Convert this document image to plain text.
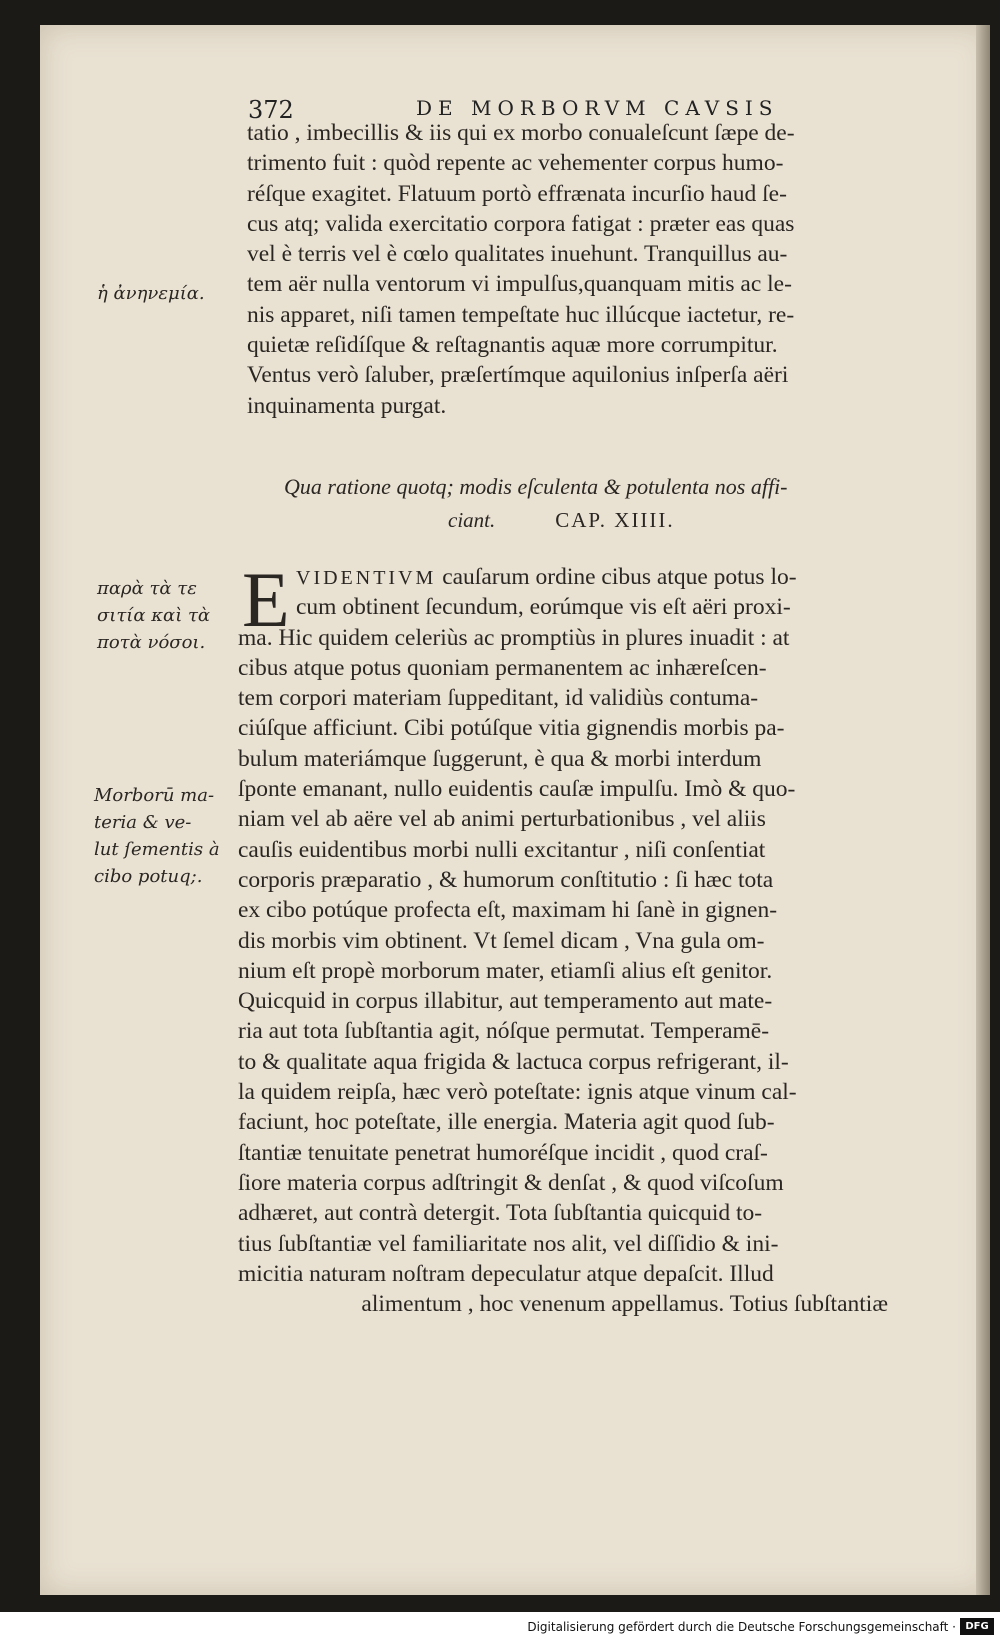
372	DE MORBORVM CAVSIS
tatio , imbecillis & iis qui ex morbo conualeſcunt ſæpe de-
trimento fuit : quòd repente ac vehementer corpus humo-
réſque exagitet. Flatuum portò effrænata incurſio haud ſe-
cus atq; valida exercitatio corpora fatigat : præter eas quas
vel è terris vel è cœlo qualitates inuehunt. Tranquillus au-
tem aër nulla ventorum vi impulſus,quanquam mitis ac le-
nis apparet, niſi tamen tempeſtate huc illúcque iactetur, re-
quietæ reſidíſque & reſtagnantis aquæ more corrumpitur.
Ventus verò ſaluber, præſertímque aquilonius inſperſa aëri
inquinamenta purgat.
Qua ratione quotq; modis eſculenta & potulenta nos affi-
ciant.	CAP. XIIII.
E VIDENTIVM cauſarum ordine cibus atque potus lo-
cum obtinent ſecundum, eorúmque vis eſt aëri proxi-
ma. Hic quidem celeriùs ac promptiùs in plures inuadit : at
cibus atque potus quoniam permanentem ac inhæreſcen-
tem corpori materiam ſuppeditant, id validiùs contuma-
ciúſque afficiunt. Cibi potúſque vitia gignendis morbis pa-
bulum materiámque ſuggerunt, è qua & morbi interdum
ſponte emanant, nullo euidentis cauſæ impulſu. Imò & quo-
niam vel ab aëre vel ab animi perturbationibus , vel aliis
cauſis euidentibus morbi nulli excitantur , niſi conſentiat
corporis præparatio , & humorum conſtitutio : ſi hæc tota
ex cibo potúque profecta eſt, maximam hi ſanè in gignen-
dis morbis vim obtinent. Vt ſemel dicam , Vna gula om-
nium eſt propè morborum mater, etiamſi alius eſt genitor.
Quicquid in corpus illabitur, aut temperamento aut mate-
ria aut tota ſubſtantia agit, nóſque permutat. Temperamē-
to & qualitate aqua frigida & lactuca corpus refrigerant, il-
la quidem reipſa, hæc verò poteſtate: ignis atque vinum cal-
faciunt, hoc poteſtate, ille energia. Materia agit quod ſub-
ſtantiæ tenuitate penetrat humoréſque incidit , quod craſ-
ſiore materia corpus adſtringit & denſat , & quod viſcoſum
adhæret, aut contrà detergit. Tota ſubſtantia quicquid to-
tius ſubſtantiæ vel familiaritate nos alit, vel diſſidio & ini-
micitia naturam noſtram depeculatur atque depaſcit. Illud
alimentum , hoc venenum appellamus. Totius ſubſtantiæ
ἡ ἀνηνεμία.
παρὰ τὰ τε
σιτία καὶ τὰ
ποτὰ νόσοι.
Morborū ma-
teria & ve-
lut ſementis à
cibo potuq;.
Digitalisierung gefördert durch die Deutsche Forschungsgemeinschaft · DFG
